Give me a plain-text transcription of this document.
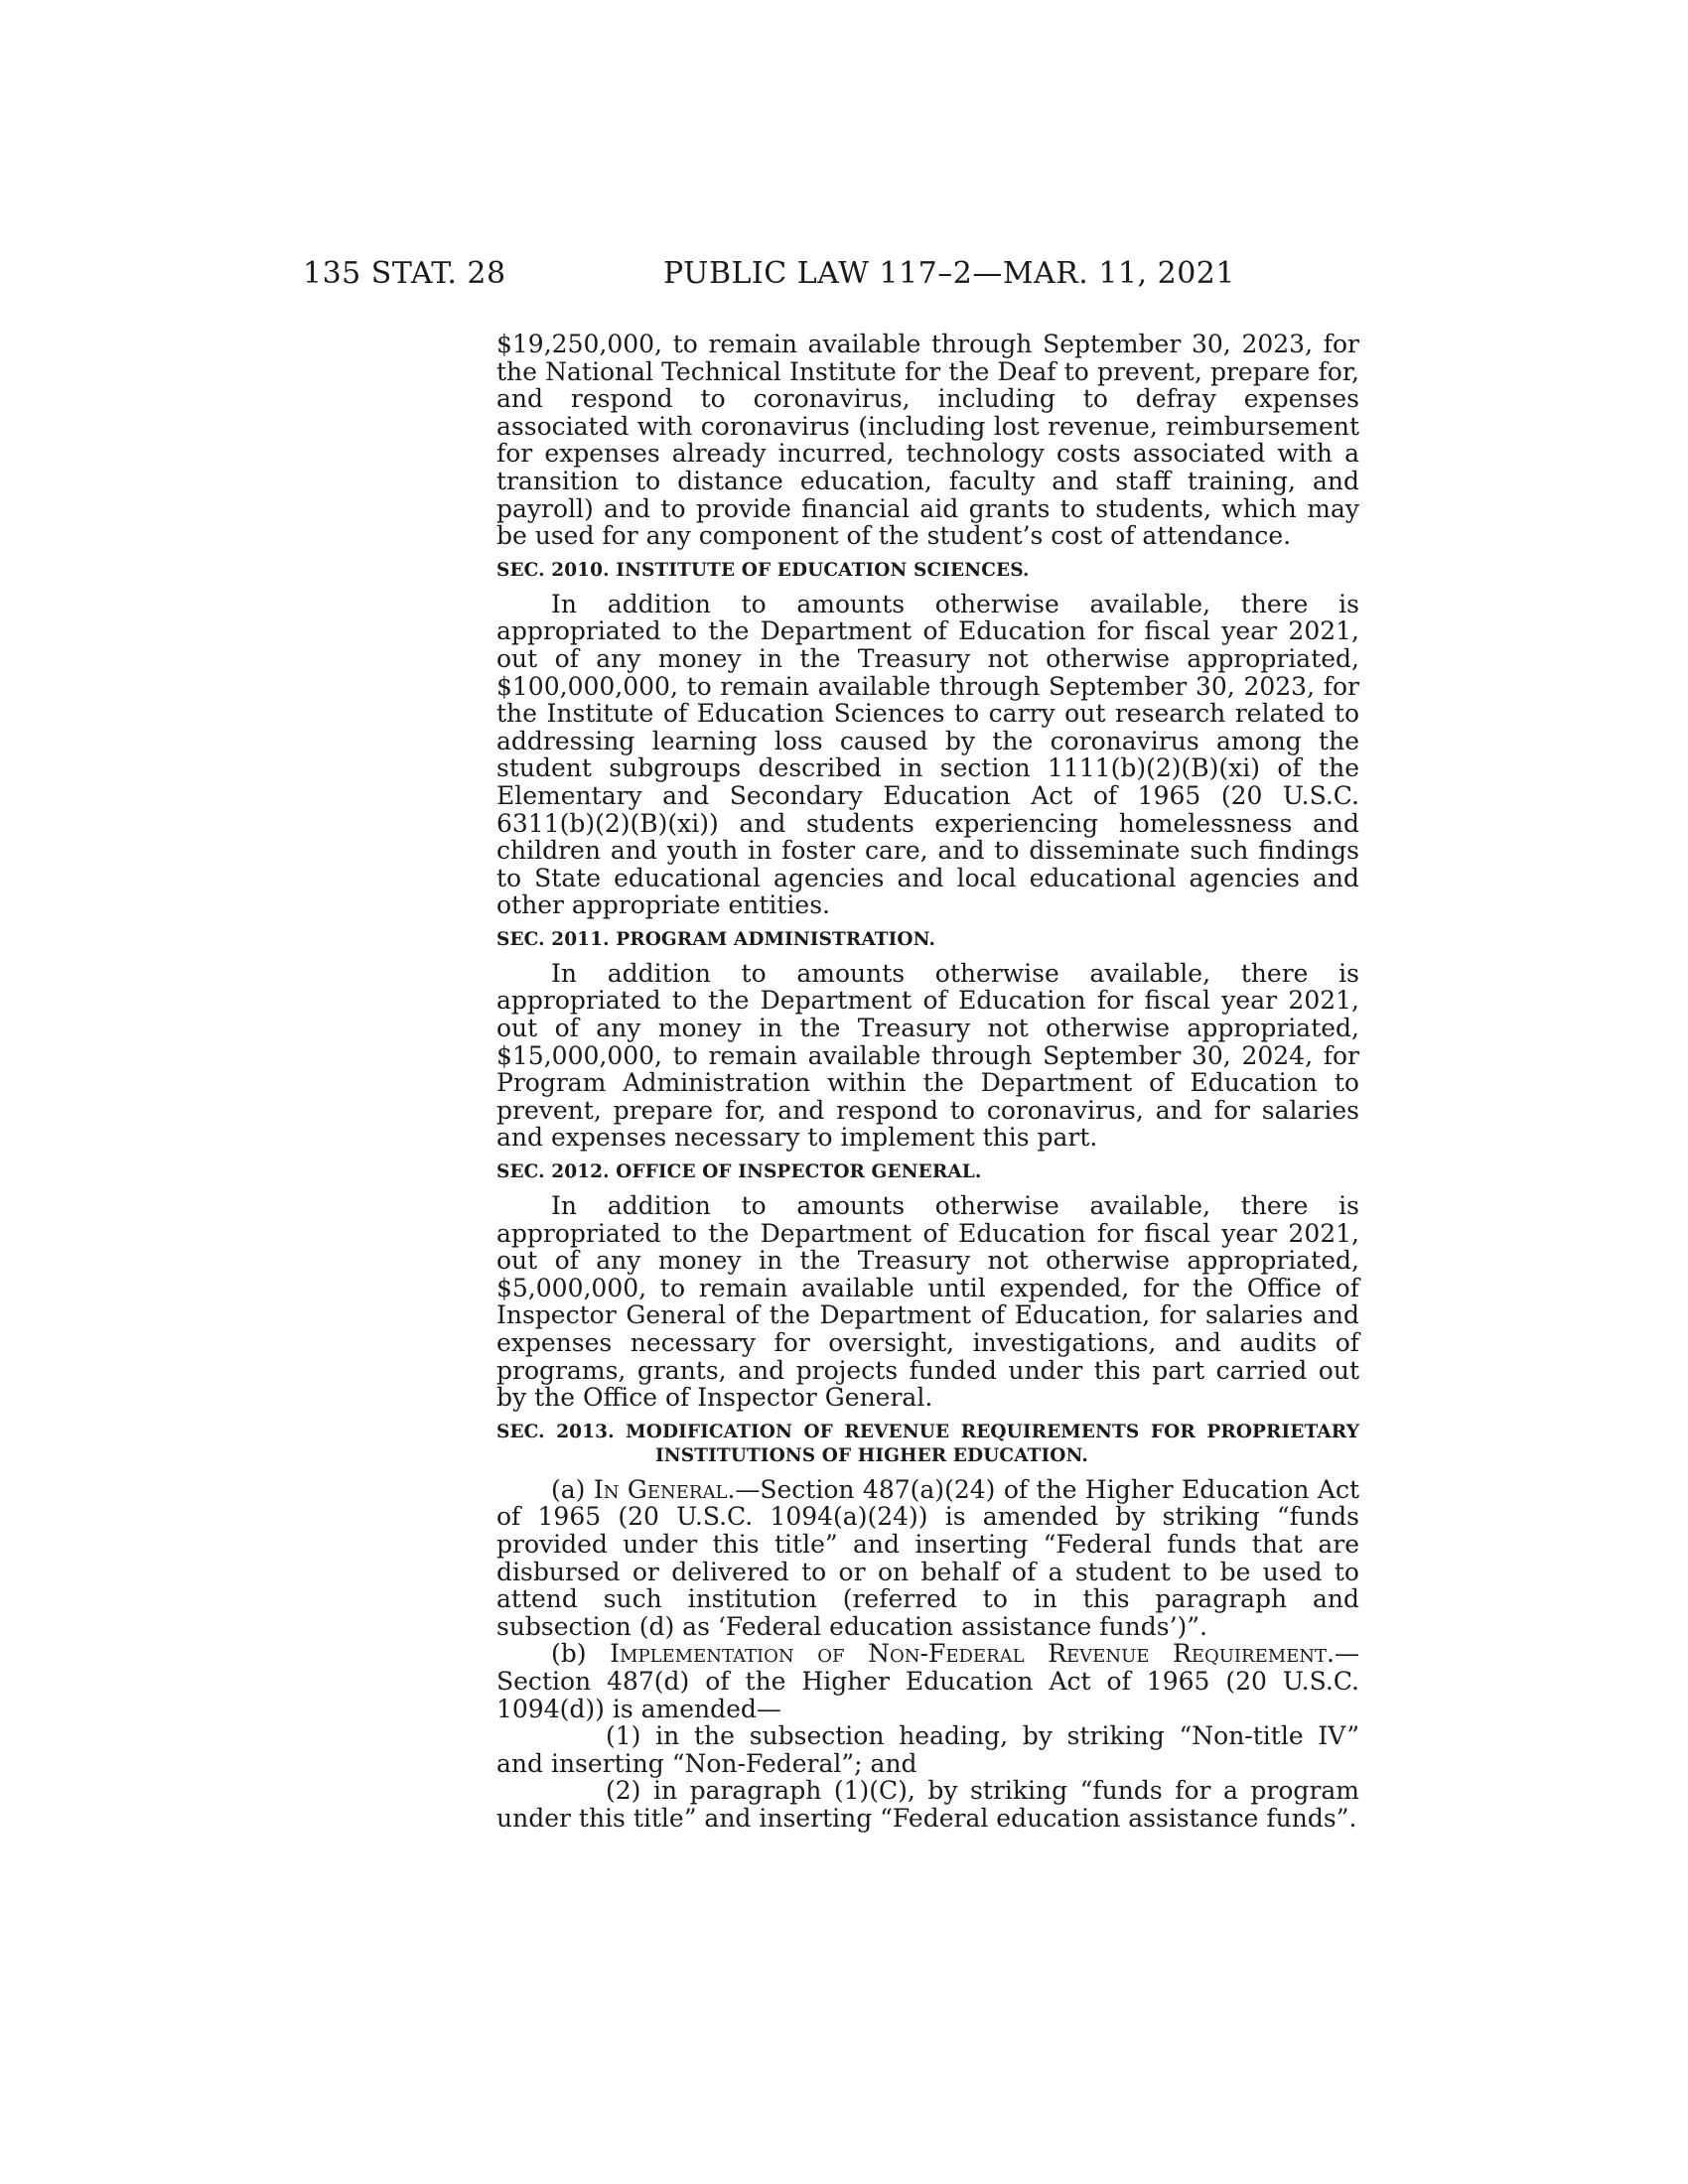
135 STAT. 28	PUBLIC LAW 117–2—MAR. 11, 2021

$19,250,000, to remain available through September 30, 2023, for the National Technical Institute for the Deaf to prevent, prepare for, and respond to coronavirus, including to defray expenses associated with coronavirus (including lost revenue, reimbursement for expenses already incurred, technology costs associated with a transition to distance education, faculty and staff training, and payroll) and to provide financial aid grants to students, which may be used for any component of the student’s cost of attendance.

SEC. 2010. INSTITUTE OF EDUCATION SCIENCES.

In addition to amounts otherwise available, there is appropriated to the Department of Education for fiscal year 2021, out of any money in the Treasury not otherwise appropriated, $100,000,000, to remain available through September 30, 2023, for the Institute of Education Sciences to carry out research related to addressing learning loss caused by the coronavirus among the student subgroups described in section 1111(b)(2)(B)(xi) of the Elementary and Secondary Education Act of 1965 (20 U.S.C. 6311(b)(2)(B)(xi)) and students experiencing homelessness and children and youth in foster care, and to disseminate such findings to State educational agencies and local educational agencies and other appropriate entities.

SEC. 2011. PROGRAM ADMINISTRATION.

In addition to amounts otherwise available, there is appropriated to the Department of Education for fiscal year 2021, out of any money in the Treasury not otherwise appropriated, $15,000,000, to remain available through September 30, 2024, for Program Administration within the Department of Education to prevent, prepare for, and respond to coronavirus, and for salaries and expenses necessary to implement this part.

SEC. 2012. OFFICE OF INSPECTOR GENERAL.

In addition to amounts otherwise available, there is appropriated to the Department of Education for fiscal year 2021, out of any money in the Treasury not otherwise appropriated, $5,000,000, to remain available until expended, for the Office of Inspector General of the Department of Education, for salaries and expenses necessary for oversight, investigations, and audits of programs, grants, and projects funded under this part carried out by the Office of Inspector General.

SEC. 2013. MODIFICATION OF REVENUE REQUIREMENTS FOR PROPRIETARY INSTITUTIONS OF HIGHER EDUCATION.

(a) In General.—Section 487(a)(24) of the Higher Education Act of 1965 (20 U.S.C. 1094(a)(24)) is amended by striking “funds provided under this title” and inserting “Federal funds that are disbursed or delivered to or on behalf of a student to be used to attend such institution (referred to in this paragraph and subsection (d) as ‘Federal education assistance funds’)”.

(b) Implementation of Non-Federal Revenue Requirement.—Section 487(d) of the Higher Education Act of 1965 (20 U.S.C. 1094(d)) is amended—

(1) in the subsection heading, by striking “Non-title IV” and inserting “Non-Federal”; and

(2) in paragraph (1)(C), by striking “funds for a program under this title” and inserting “Federal education assistance funds”.
